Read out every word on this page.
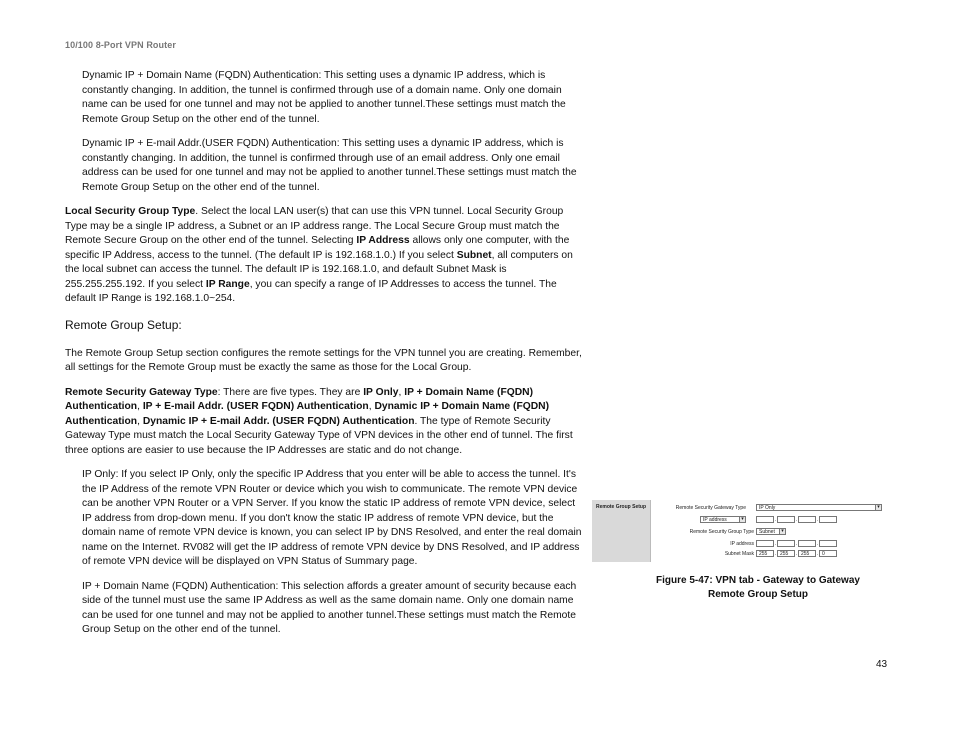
10/100 8-Port VPN Router

Dynamic IP + Domain Name (FQDN) Authentication: This setting uses a dynamic IP address, which is constantly changing. In addition, the tunnel is confirmed through use of a domain name. Only one domain name can be used for one tunnel and may not be applied to another tunnel.These settings must match the Remote Group Setup on the other end of the tunnel.

Dynamic IP + E-mail Addr.(USER FQDN) Authentication: This setting uses a dynamic IP address, which is constantly changing. In addition, the tunnel is confirmed through use of an email address. Only one email address can be used for one tunnel and may not be applied to another tunnel.These settings must match the Remote Group Setup on the other end of the tunnel.

Local Security Group Type. Select the local LAN user(s) that can use this VPN tunnel. Local Security Group Type may be a single IP address, a Subnet or an IP address range. The Local Secure Group must match the Remote Secure Group on the other end of the tunnel. Selecting IP Address allows only one computer, with the specific IP Address, access to the tunnel. (The default IP is 192.168.1.0.) If you select Subnet, all computers on the local subnet can access the tunnel. The default IP is 192.168.1.0, and default Subnet Mask is 255.255.255.192. If you select IP Range, you can specify a range of IP Addresses to access the tunnel. The default IP Range is 192.168.1.0~254.

Remote Group Setup:

The Remote Group Setup section configures the remote settings for the VPN tunnel you are creating. Remember, all settings for the Remote Group must be exactly the same as those for the Local Group.

Remote Security Gateway Type: There are five types. They are IP Only, IP + Domain Name (FQDN) Authentication, IP + E-mail Addr. (USER FQDN) Authentication, Dynamic IP + Domain Name (FQDN) Authentication, Dynamic IP + E-mail Addr. (USER FQDN) Authentication. The type of Remote Security Gateway Type must match the Local Security Gateway Type of VPN devices in the other end of tunnel. The first three options are easier to use because the IP Addresses are static and do not change.

IP Only: If you select IP Only, only the specific IP Address that you enter will be able to access the tunnel. It's the IP Address of the remote VPN Router or device which you wish to communicate. The remote VPN device can be another VPN Router or a VPN Server. If you know the static IP address of remote VPN device, select IP address from drop-down menu. If you don't know the static IP address of remote VPN device, but the domain name of remote VPN device is known, you can select IP by DNS Resolved, and enter the real domain name on the Internet. RV082 will get the IP address of remote VPN device by DNS Resolved, and IP address of remote VPN device will be displayed on VPN Status of Summary page.

IP + Domain Name (FQDN) Authentication: This selection affords a greater amount of security because each side of the tunnel must use the same IP Address as well as the same domain name. Only one domain name can be used for one tunnel and may not be applied to another tunnel.These settings must match the Remote Group Setup on the other end of the tunnel.

Remote Group Setup	Remote Security Gateway Type	IP Only	▾
IP address	▾	.	.	.
Remote Security Group Type	Subnet	▾
IP address	.	.	.
Subnet Mask	255	. 255	. 255	. 0
Figure 5-47: VPN tab - Gateway to Gateway
Remote Group Setup
43
